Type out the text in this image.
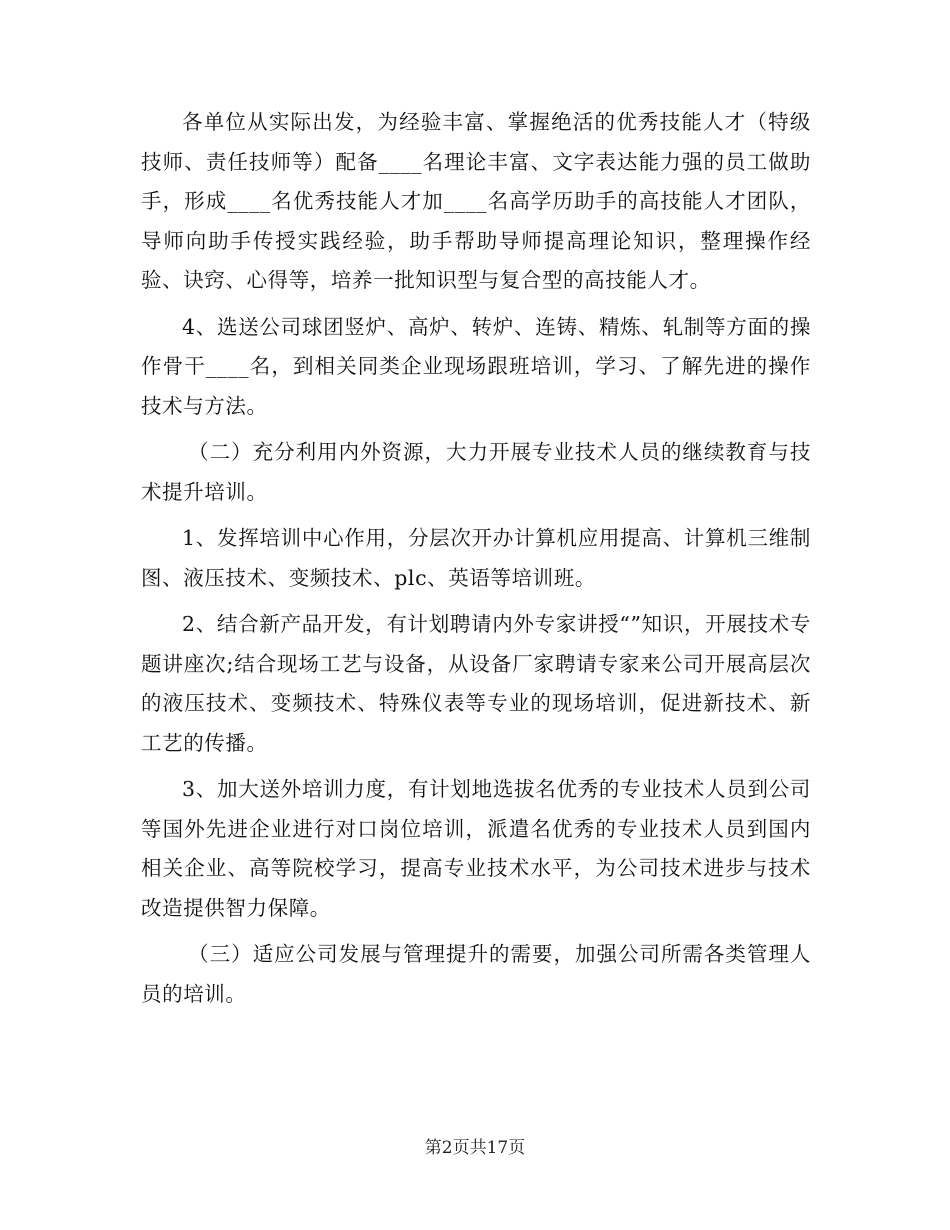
各单位从实际出发，为经验丰富、掌握绝活的优秀技能人才（特级技师、责任技师等）配备____名理论丰富、文字表达能力强的员工做助手，形成____名优秀技能人才加____名高学历助手的高技能人才团队，导师向助手传授实践经验，助手帮助导师提高理论知识，整理操作经验、诀窍、心得等，培养一批知识型与复合型的高技能人才。

4、选送公司球团竖炉、高炉、转炉、连铸、精炼、轧制等方面的操作骨干____名，到相关同类企业现场跟班培训，学习、了解先进的操作技术与方法。

（二）充分利用内外资源，大力开展专业技术人员的继续教育与技术提升培训。

1、发挥培训中心作用，分层次开办计算机应用提高、计算机三维制图、液压技术、变频技术、plc、英语等培训班。

2、结合新产品开发，有计划聘请内外专家讲授“”知识，开展技术专题讲座次;结合现场工艺与设备，从设备厂家聘请专家来公司开展高层次的液压技术、变频技术、特殊仪表等专业的现场培训，促进新技术、新工艺的传播。

3、加大送外培训力度，有计划地选拔名优秀的专业技术人员到公司等国外先进企业进行对口岗位培训，派遣名优秀的专业技术人员到国内相关企业、高等院校学习，提高专业技术水平，为公司技术进步与技术改造提供智力保障。

（三）适应公司发展与管理提升的需要，加强公司所需各类管理人员的培训。

第2页共17页
